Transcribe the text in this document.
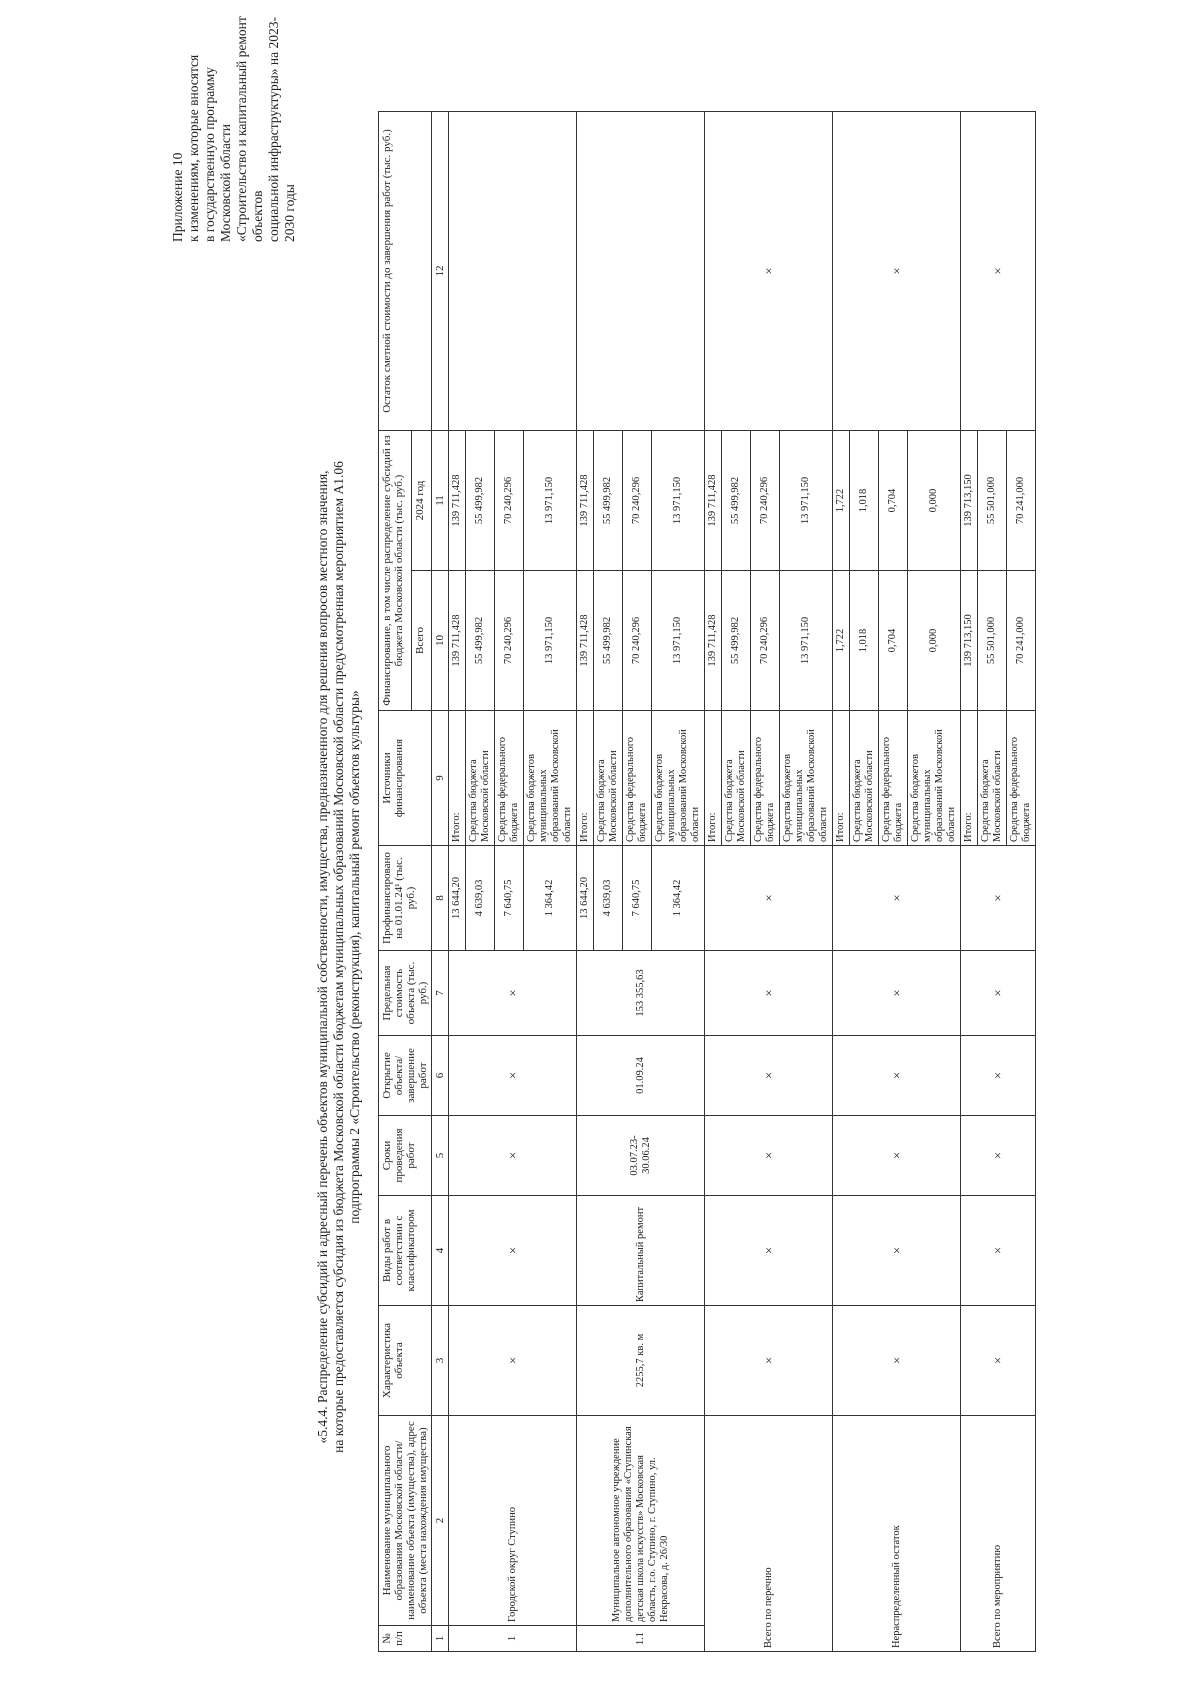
Приложение 10 к изменениям, которые вносятся в государственную программу Московской области «Строительство и капитальный ремонт объектов социальной инфраструктуры» на 2023-2030 годы
«5.4.4. Распределение субсидий и адресный перечень объектов муниципальной собственности, имущества, предназначенного для решения вопросов местного значения, на которые предоставляется субсидия из бюджета Московской области бюджетам муниципальных образований Московской области предусмотренная мероприятием А1.06 подпрограммы 2 «Строительство (реконструкция), капитальный ремонт объектов культуры»
№ п/п	Наименование муниципального образования Московской области/наименование объекта (имущества), адрес объекта (места нахождения имущества)	Характеристика объекта	Виды работ в соответствии с классификатором	Сроки проведения работ	Открытие объекта/ завершение работ	Предельная стоимость объекта (тыс. руб.)	Профинансировано на 01.01.24¹ (тыс. руб.)	Источники финансирования	Финансирование, в том числе распределение субсидий из бюджета Московской области (тыс. руб.)		Остаток сметной стоимости до завершения работ (тыс. руб.)
									Всего	2024 год	
1	2	3	4	5	6	7	8	9	10	11	12
1	Городской округ Ступино	×	×	×	×	×	13 644,20	Итого:	139 711,428	139 711,428	
							4 639,03	Средства бюджета Московской области	55 499,982	55 499,982	
							7 640,75	Средства федерального бюджета	70 240,296	70 240,296	
							1 364,42	Средства бюджетов муниципальных образований Московской области	13 971,150	13 971,150	
1.1	Муниципальное автономное учреждение дополнительного образования «Ступинская детская школа искусств» Московская область, г.о. Ступино, г. Ступино, ул. Некрасова, д. 26/30	2255,7 кв. м	Капитальный ремонт	03.07.23-30.06.24	01.09.24	153 355,63	13 644,20	Итого:	139 711,428	139 711,428	
							4 639,03	Средства бюджета Московской области	55 499,982	55 499,982	
							7 640,75	Средства федерального бюджета	70 240,296	70 240,296	
							1 364,42	Средства бюджетов муниципальных образований Московской области	13 971,150	13 971,150	
Всего по перечню		×	×	×	×	×	×	Итого:	139 711,428	139 711,428	×
								Средства бюджета Московской области	55 499,982	55 499,982	
								Средства федерального бюджета	70 240,296	70 240,296	
								Средства бюджетов муниципальных образований Московской области	13 971,150	13 971,150	
Нераспределенный остаток		×	×	×	×	×	×	Итого:	1,722	1,722	×
								Средства бюджета Московской области	1,018	1,018	
								Средства федерального бюджета	0,704	0,704	
								Средства бюджетов муниципальных образований Московской области	0,000	0,000	
Всего по мероприятию		×	×	×	×	×	×	Итого:	139 713,150	139 713,150	×
								Средства бюджета Московской области	55 501,000	55 501,000	
								Средства федерального бюджета	70 241,000	70 241,000	
